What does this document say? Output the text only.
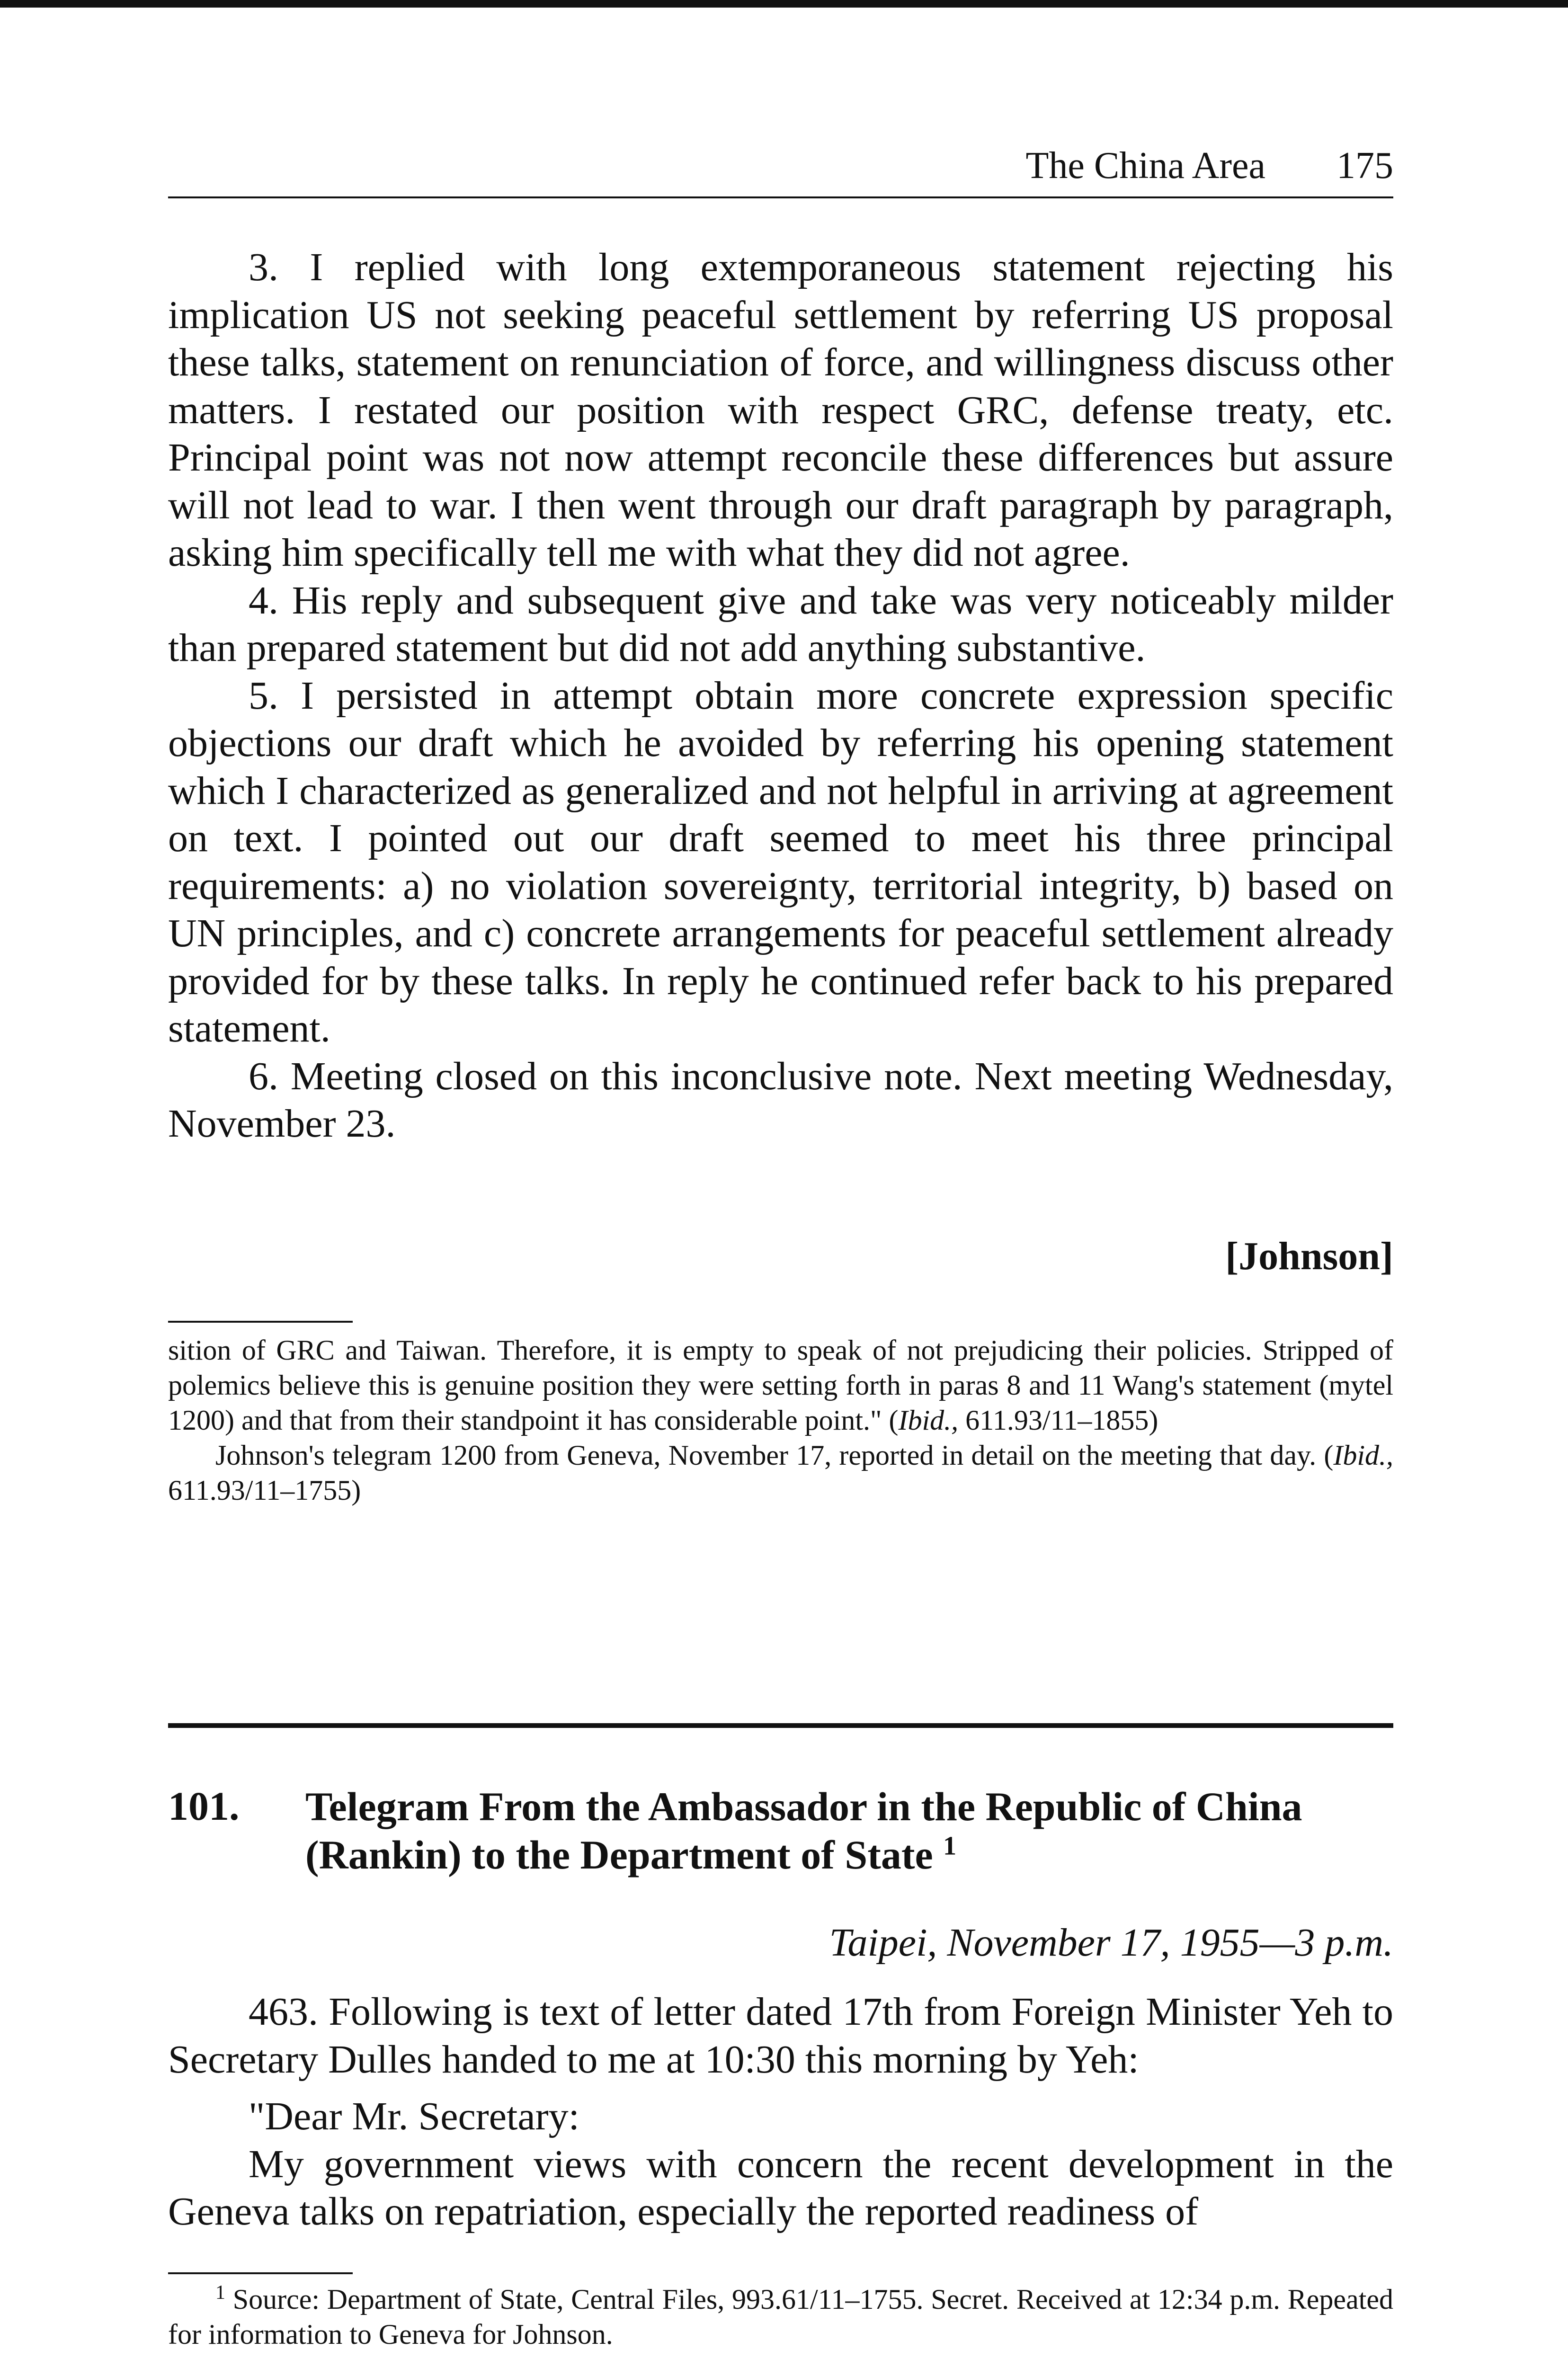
The China Area 175

3. I replied with long extemporaneous statement rejecting his implication US not seeking peaceful settlement by referring US proposal these talks, statement on renunciation of force, and willingness discuss other matters. I restated our position with respect GRC, defense treaty, etc. Principal point was not now attempt reconcile these differences but assure will not lead to war. I then went through our draft paragraph by paragraph, asking him specifically tell me with what they did not agree.

4. His reply and subsequent give and take was very noticeably milder than prepared statement but did not add anything substantive.

5. I persisted in attempt obtain more concrete expression specific objections our draft which he avoided by referring his opening statement which I characterized as generalized and not helpful in arriving at agreement on text. I pointed out our draft seemed to meet his three principal requirements: a) no violation sovereignty, territorial integrity, b) based on UN principles, and c) concrete arrangements for peaceful settlement already provided for by these talks. In reply he continued refer back to his prepared statement.

6. Meeting closed on this inconclusive note. Next meeting Wednesday, November 23.

[Johnson]

sition of GRC and Taiwan. Therefore, it is empty to speak of not prejudicing their policies. Stripped of polemics believe this is genuine position they were setting forth in paras 8 and 11 Wang's statement (mytel 1200) and that from their standpoint it has considerable point." (Ibid., 611.93/11–1855)

Johnson's telegram 1200 from Geneva, November 17, reported in detail on the meeting that day. (Ibid., 611.93/11–1755)

101. Telegram From the Ambassador in the Republic of China (Rankin) to the Department of State $^1$
Taipei, November 17, 1955—3 p.m.

463. Following is text of letter dated 17th from Foreign Minister Yeh to Secretary Dulles handed to me at 10:30 this morning by Yeh:

"Dear Mr. Secretary:

My government views with concern the recent development in the Geneva talks on repatriation, especially the reported readiness of

$^1$ Source: Department of State, Central Files, 993.61/11–1755. Secret. Received at 12:34 p.m. Repeated for information to Geneva for Johnson.
